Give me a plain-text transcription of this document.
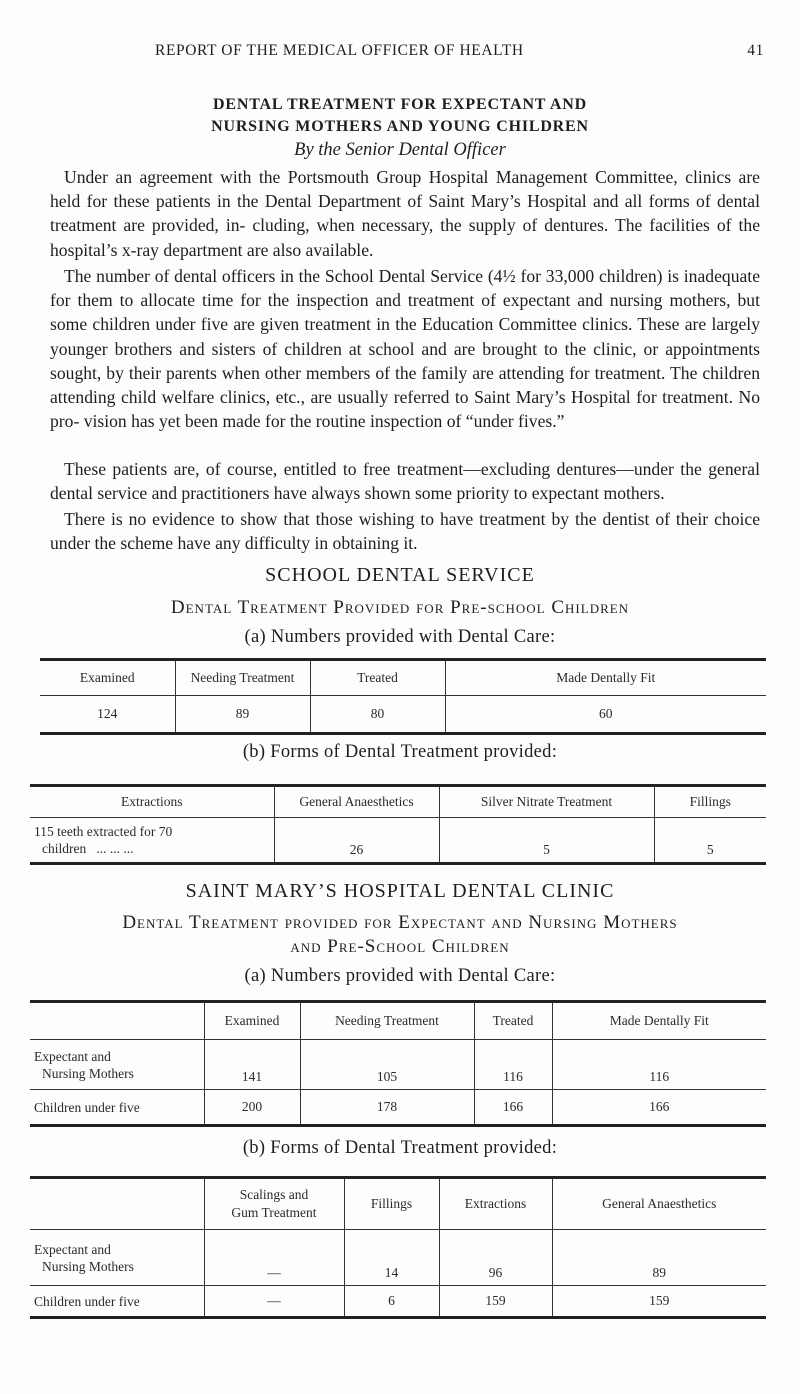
REPORT OF THE MEDICAL OFFICER OF HEALTH	41
DENTAL TREATMENT FOR EXPECTANT AND
NURSING MOTHERS AND YOUNG CHILDREN
By the Senior Dental Officer

Under an agreement with the Portsmouth Group Hospital Management Committee, clinics are held for these patients in the Dental Department of Saint Mary’s Hospital and all forms of dental treatment are provided, in- cluding, when necessary, the supply of dentures. The facilities of the hospital’s x-ray department are also available.

The number of dental officers in the School Dental Service (4½ for 33,000 children) is inadequate for them to allocate time for the inspection and treatment of expectant and nursing mothers, but some children under five are given treatment in the Education Committee clinics. These are largely younger brothers and sisters of children at school and are brought to the clinic, or appointments sought, by their parents when other members of the family are attending for treatment. The children attending child welfare clinics, etc., are usually referred to Saint Mary’s Hospital for treatment. No pro- vision has yet been made for the routine inspection of “under fives.”

These patients are, of course, entitled to free treatment—excluding dentures—under the general dental service and practitioners have always shown some priority to expectant mothers.

There is no evidence to show that those wishing to have treatment by the dentist of their choice under the scheme have any difficulty in obtaining it.

SCHOOL DENTAL SERVICE
Dental Treatment Provided for Pre-school Children
(a) Numbers provided with Dental Care:
Examined	Needing Treatment	Treated	Made Dentally Fit
124	89	80	60
(b) Forms of Dental Treatment provided:
Extractions	General Anaesthetics	Silver Nitrate Treatment	Fillings

115 teeth extracted for 70
children ... ... ...	26	5	5
SAINT MARY’S HOSPITAL DENTAL CLINIC
Dental Treatment provided for Expectant and Nursing Mothers
and Pre-School Children
(a) Numbers provided with Dental Care:
	Examined	Needing Treatment	Treated	Made Dentally Fit

Expectant and
Nursing Mothers	141	105	116	116
Children under five	200	178	166	166
(b) Forms of Dental Treatment provided:

	Scalings and
Gum Treatment	Fillings	Extractions	General Anaesthetics

Expectant and
Nursing Mothers	—	14	96	89
Children under five	—	6	159	159
